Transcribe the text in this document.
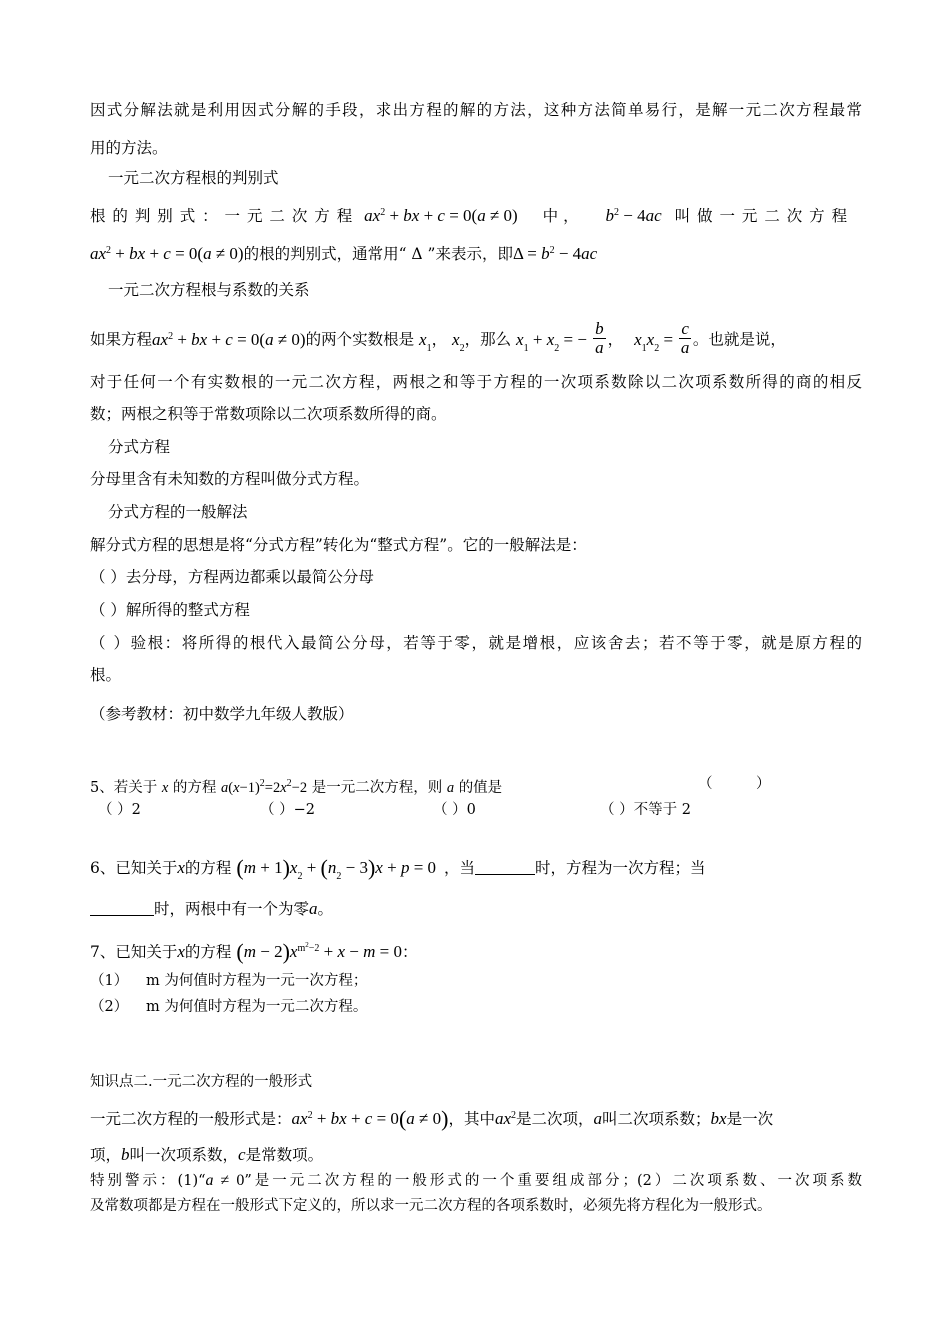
因式分解法就是利用因式分解的手段，求出方程的解的方法，这种方法简单易行，是解一元二次方程最常
用的方法。
一元二次方程根的判别式
根 的 判 别 式 ： 一 元 二 次 方 程 $ax^2$ + bx + c = 0(a ≠ 0) 中 ， $b^2 - 4ac$ 叫 做 一 元 二 次 方 程
$ax^2$ + bx + c = 0(a ≠ 0)的根的判别式，通常用“ Δ ”来表示，即$\Delta = b^2 - 4ac$
一元二次方程根与系数的关系
如果方程$ax^2$ + bx + c = 0(a ≠ 0)的两个实数根是 $x_1$， $x_2$，那么 $x_1 + x_2$ = − $\frac{b}{a}$ ， $x_1x_2 = \frac{c}{a}$ 。也就是说，
对于任何一个有实数根的一元二次方程，两根之和等于方程的一次项系数除以二次项系数所得的商的相反
数；两根之积等于常数项除以二次项系数所得的商。
分式方程
分母里含有未知数的方程叫做分式方程。
分式方程的一般解法
解分式方程的思想是将“分式方程”转化为“整式方程”。它的一般解法是：
（ ）去分母，方程两边都乘以最简公分母
（ ）解所得的整式方程
（ ）验根：将所得的根代入最简公分母，若等于零，就是增根，应该舍去；若不等于零，就是原方程的
根。
（参考教材：初中数学九年级人教版）
5、若关于 x 的方程 $a(x-1)^2=2x^2-2$ 是一元二次方程，则 a 的值是	（　　　）
（ ）2	（ ）−2	（ ）0	（ ）不等于 2
6、已知关于x的方程 $(m + 1)x_2 + (n_2 - 3)x + p = 0$ ，当	时，方程为一次方程；当
时，两根中有一个为零a。
7、已知关于x的方程 $(m - 2)x^{m^2-2} + x - m = 0$：
（1） m 为何值时方程为一元一次方程；
（2） m 为何值时方程为一元二次方程。
知识点二.一元二次方程的一般形式
一元二次方程的一般形式是：$ax^2$ + bx + c = 0(a ≠ 0)，其中$ax^2$是二次项，a叫二次项系数；bx是一次
项，b叫一次项系数，c是常数项。
特别警示：(1)“a ≠ 0”是一元二次方程的一般形式的一个重要组成部分；(2）二次项系数、一次项系数
及常数项都是方程在一般形式下定义的，所以求一元二次方程的各项系数时，必须先将方程化为一般形式。
